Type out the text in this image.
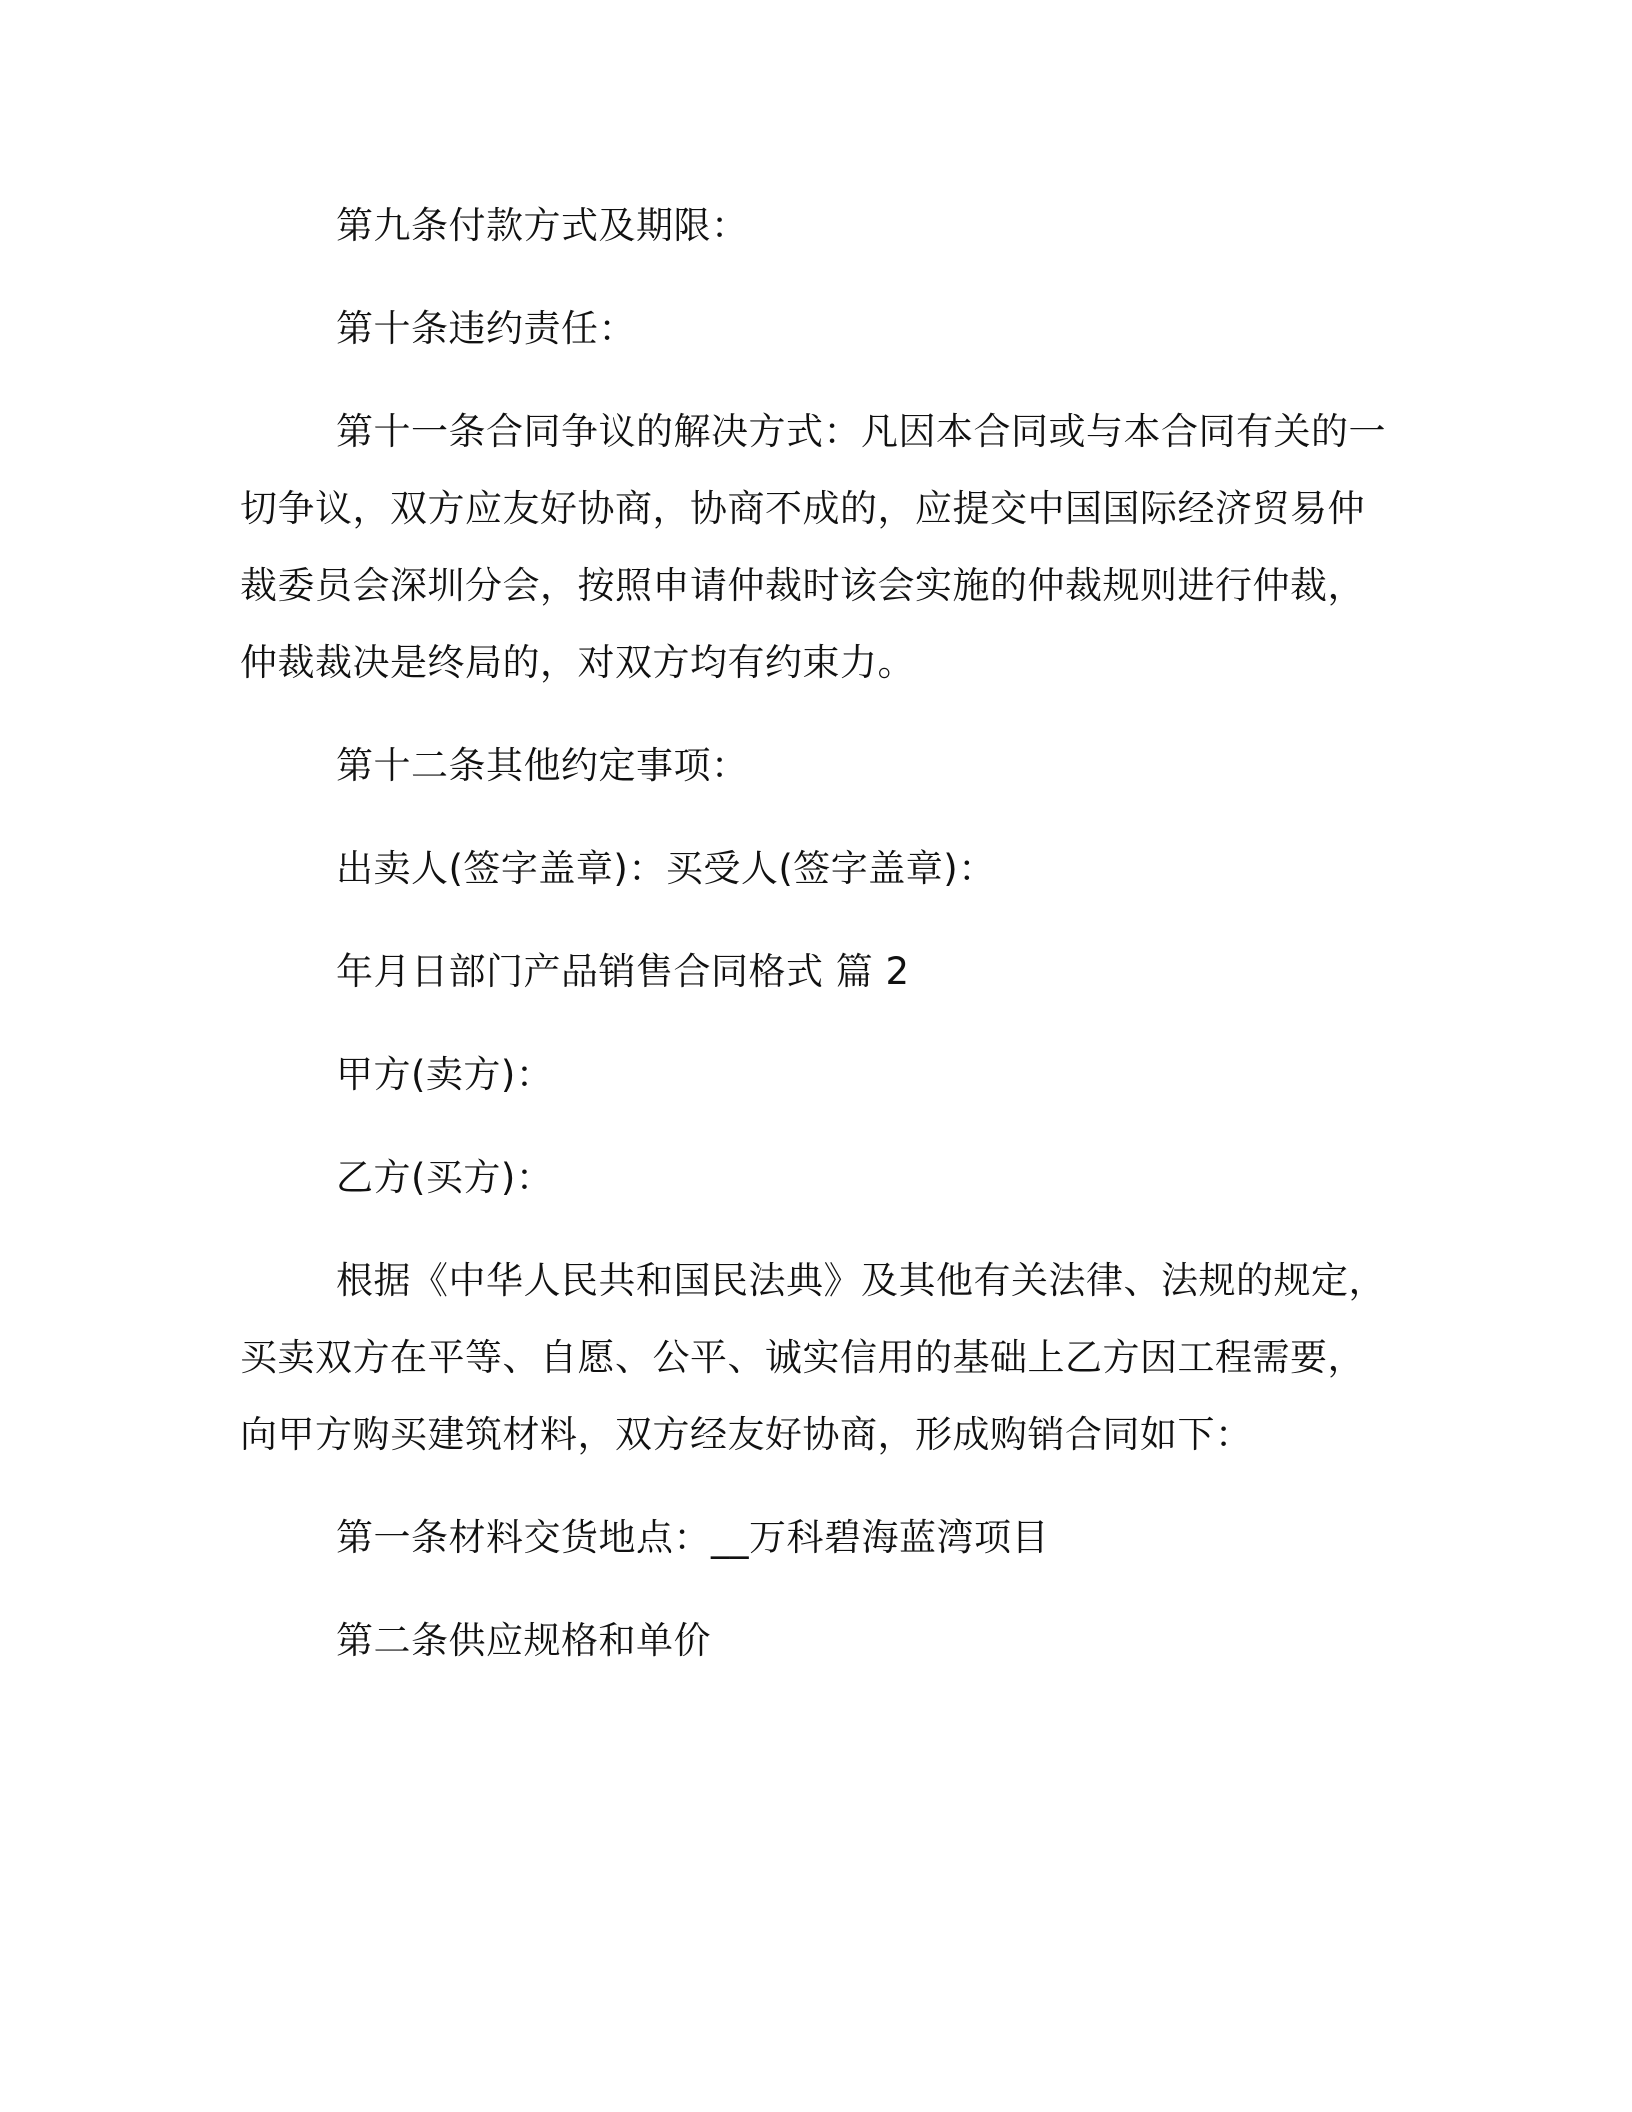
第九条付款方式及期限：
第十条违约责任：
第十一条合同争议的解决方式：凡因本合同或与本合同有关的一
切争议，双方应友好协商，协商不成的，应提交中国国际经济贸易仲
裁委员会深圳分会，按照申请仲裁时该会实施的仲裁规则进行仲裁，
仲裁裁决是终局的，对双方均有约束力。
第十二条其他约定事项：
出卖人(签字盖章)：买受人(签字盖章)：
年月日部门产品销售合同格式 篇 2
甲方(卖方)：
乙方(买方)：
根据《中华人民共和国民法典》及其他有关法律、法规的规定，
买卖双方在平等、自愿、公平、诚实信用的基础上乙方因工程需要，
向甲方购买建筑材料，双方经友好协商，形成购销合同如下：
第一条材料交货地点：__万科碧海蓝湾项目
第二条供应规格和单价
